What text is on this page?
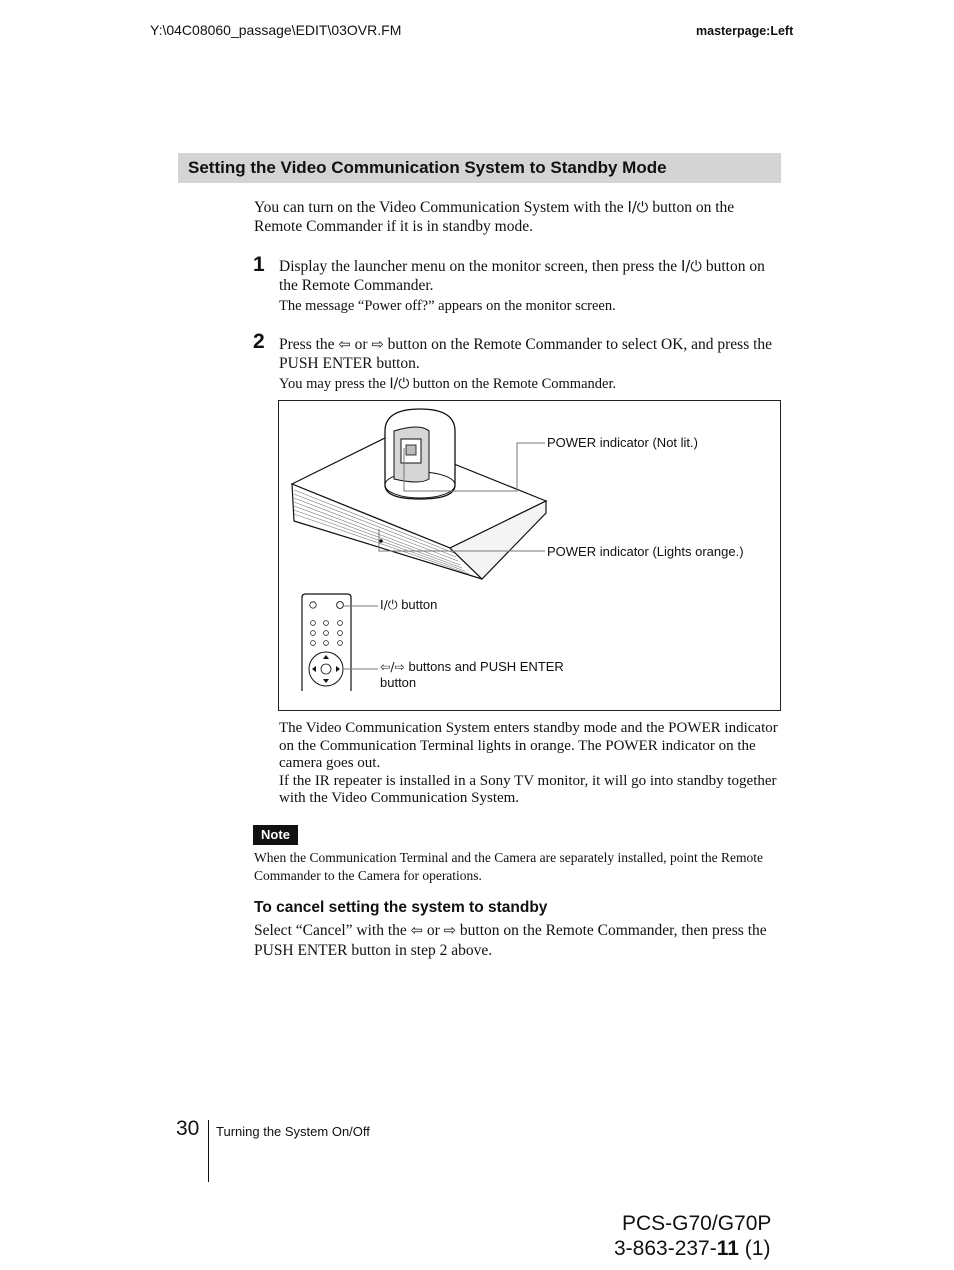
Y:\04C08060_passage\EDIT\03OVR.FM	masterpage:Left
Setting the Video Communication System to Standby Mode
You can turn on the Video Communication System with the I/⏻ button on the Remote Commander if it is in standby mode.
1 Display the launcher menu on the monitor screen, then press the I/⏻ button on the Remote Commander.
The message “Power off?” appears on the monitor screen.
2 Press the ⇦ or ⇨ button on the Remote Commander to select OK, and press the PUSH ENTER button.
You may press the I/⏻ button on the Remote Commander.
POWER indicator (Not lit.)
POWER indicator (Lights orange.)
I/⏻ button
⇦/⇨ buttons and PUSH ENTER
button
The Video Communication System enters standby mode and the POWER indicator on the Communication Terminal lights in orange. The POWER indicator on the camera goes out.
If the IR repeater is installed in a Sony TV monitor, it will go into standby together with the Video Communication System.
Note
When the Communication Terminal and the Camera are separately installed, point the Remote Commander to the Camera for operations.
To cancel setting the system to standby
Select “Cancel” with the ⇦ or ⇨ button on the Remote Commander, then press the PUSH ENTER button in step 2 above.
30 Turning the System On/Off
PCS-G70/G70P
3-863-237-11 (1)
